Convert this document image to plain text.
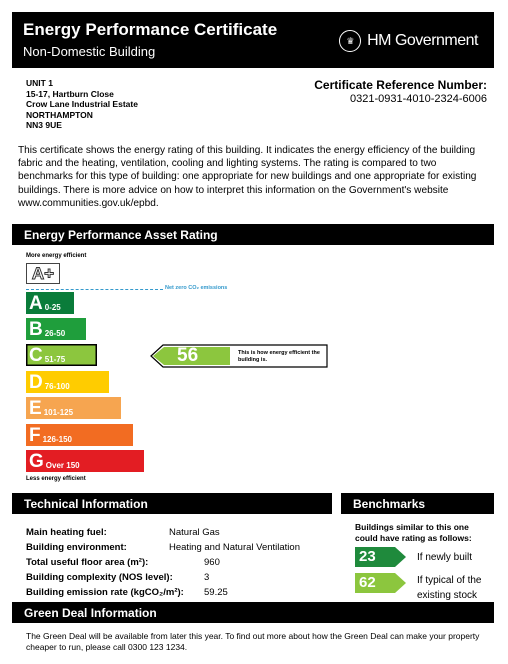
Energy Performance Certificate
Non-Domestic Building
♛ HM Government
UNIT 1
15-17, Hartburn Close
Crow Lane Industrial Estate
NORTHAMPTON
NN3 9UE
Certificate Reference Number:
0321-0931-4010-2324-6006
This certificate shows the energy rating of this building. It indicates the energy efficiency of the building fabric and the heating, ventilation, cooling and lighting systems. The rating is compared to two benchmarks for this type of building: one appropriate for new buildings and one appropriate for existing buildings. There is more advice on how to interpret this information on the Government's website www.communities.gov.uk/epbd.
Energy Performance Asset Rating
More energy efficient
A+
Net zero CO₂ emissions
A 0-25
B 26-50
C 51-75
D 76-100
E 101-125
F 126-150
G Over 150
Less energy efficient
56	This is how energy efficient the building is.
Technical Information
Main heating fuel:	Natural Gas
Building environment:	Heating and Natural Ventilation
Total useful floor area (m²):	960
Building complexity (NOS level):	3
Building emission rate (kgCO₂/m²): 59.25
Benchmarks
Buildings similar to this one could have rating as follows:
23	If newly built
62	If typical of the existing stock
Green Deal Information
The Green Deal will be available from later this year. To find out more about how the Green Deal can make your property cheaper to run, please call 0300 123 1234.
